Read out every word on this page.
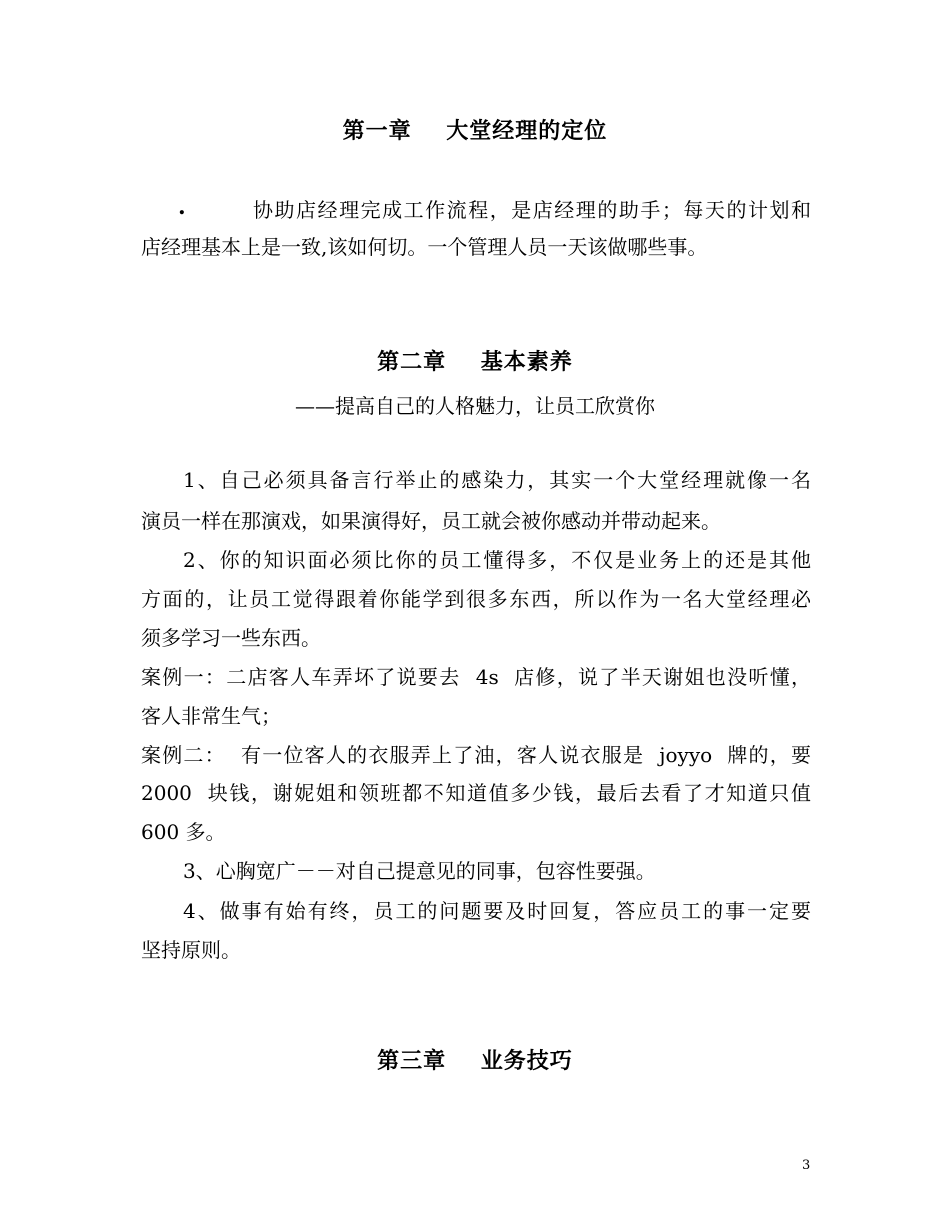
第一章    大堂经理的定位
.	协助店经理完成工作流程，是店经理的助手；每天的计划和
店经理基本上是一致,该如何切。一个管理人员一天该做哪些事。
第二章    基本素养
——提高自己的人格魅力，让员工欣赏你
1、自己必须具备言行举止的感染力，其实一个大堂经理就像一名
演员一样在那演戏，如果演得好，员工就会被你感动并带动起来。
2、你的知识面必须比你的员工懂得多，不仅是业务上的还是其他
方面的，让员工觉得跟着你能学到很多东西，所以作为一名大堂经理必
须多学习一些东西。
案例一：二店客人车弄坏了说要去  4s  店修，说了半天谢姐也没听懂，
客人非常生气；
案例二：  有一位客人的衣服弄上了油，客人说衣服是  joyyo  牌的，要
2000  块钱，谢妮姐和领班都不知道值多少钱，最后去看了才知道只值
600 多。
3、心胸宽广－－对自己提意见的同事，包容性要强。
4、做事有始有终，员工的问题要及时回复，答应员工的事一定要
坚持原则。
第三章    业务技巧
3
